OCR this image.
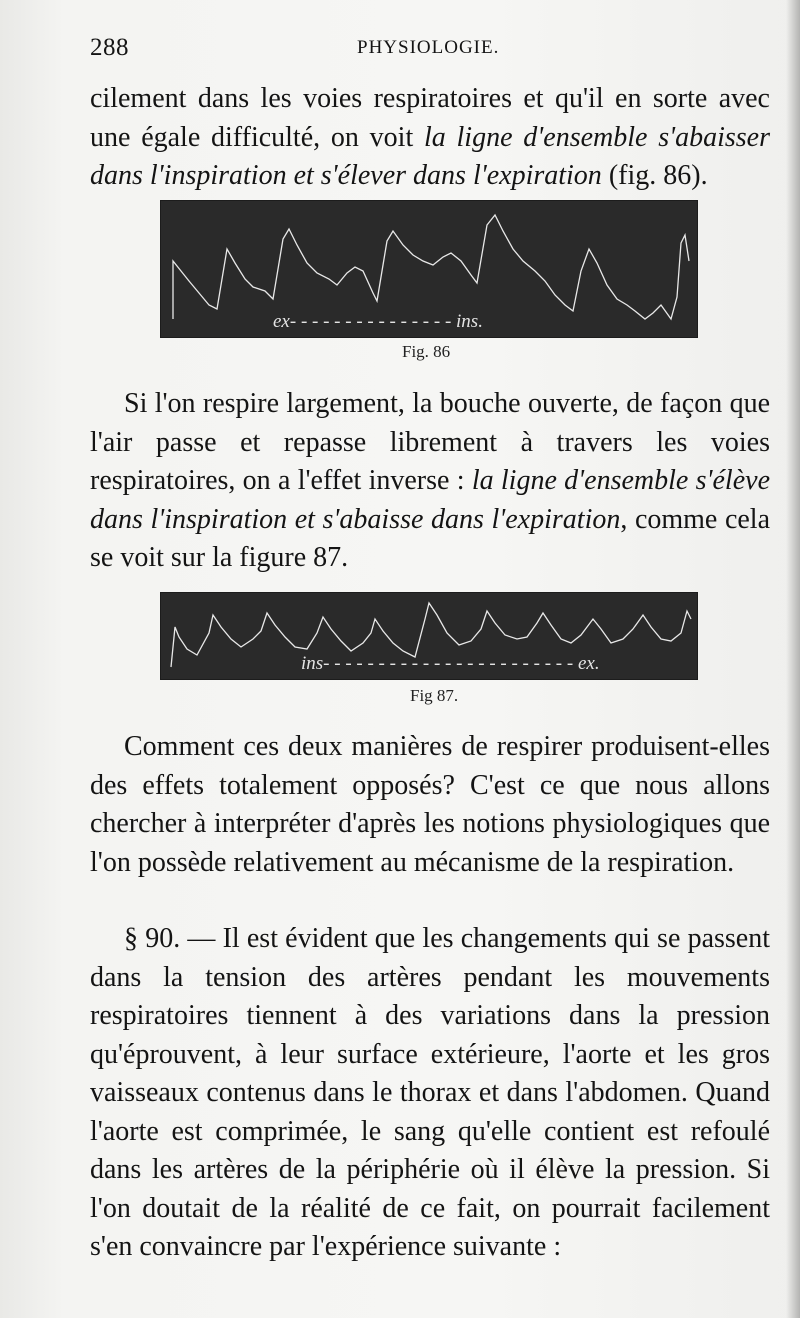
288	PHYSIOLOGIE.

cilement dans les voies respiratoires et qu'il en sorte avec une égale difficulté, on voit la ligne d'ensemble s'abaisser dans l'inspiration et s'élever dans l'expiration (fig. 86).

ex- - - - - - - - - - - - - - - ins.
Fig. 86

Si l'on respire largement, la bouche ouverte, de façon que l'air passe et repasse librement à travers les voies respiratoires, on a l'effet inverse : la ligne d'ensemble s'élève dans l'inspiration et s'abaisse dans l'expiration, comme cela se voit sur la figure 87.

ins- - - - - - - - - - - - - - - - - - - - - - - ex.
Fig 87.

Comment ces deux manières de respirer produisent-elles des effets totalement opposés? C'est ce que nous allons chercher à interpréter d'après les notions physiologiques que l'on possède relativement au mécanisme de la respiration.

§ 90. — Il est évident que les changements qui se passent dans la tension des artères pendant les mouvements respiratoires tiennent à des variations dans la pression qu'éprouvent, à leur surface extérieure, l'aorte et les gros vaisseaux contenus dans le thorax et dans l'abdomen. Quand l'aorte est comprimée, le sang qu'elle contient est refoulé dans les artères de la périphérie où il élève la pression. Si l'on doutait de la réalité de ce fait, on pourrait facilement s'en convaincre par l'expérience suivante :
